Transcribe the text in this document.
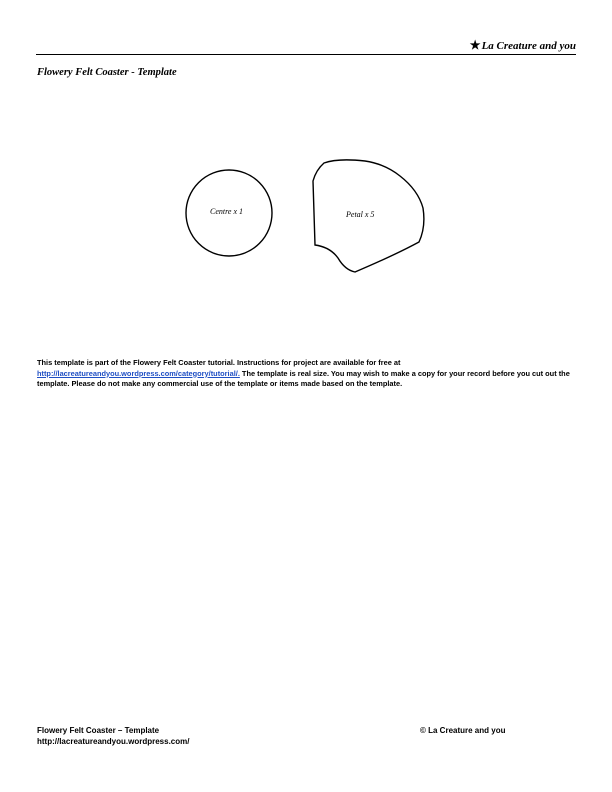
★La Creature and you
Flowery Felt Coaster - Template
Centre x 1	Petal x 5
This template is part of the Flowery Felt Coaster tutorial. Instructions for project are available for free at http://lacreatureandyou.wordpress.com/category/tutorial/. The template is real size. You may wish to make a copy for your record before you cut out the template. Please do not make any commercial use of the template or items made based on the template.
Flowery Felt Coaster – Template
http://lacreatureandyou.wordpress.com/
© La Creature and you
